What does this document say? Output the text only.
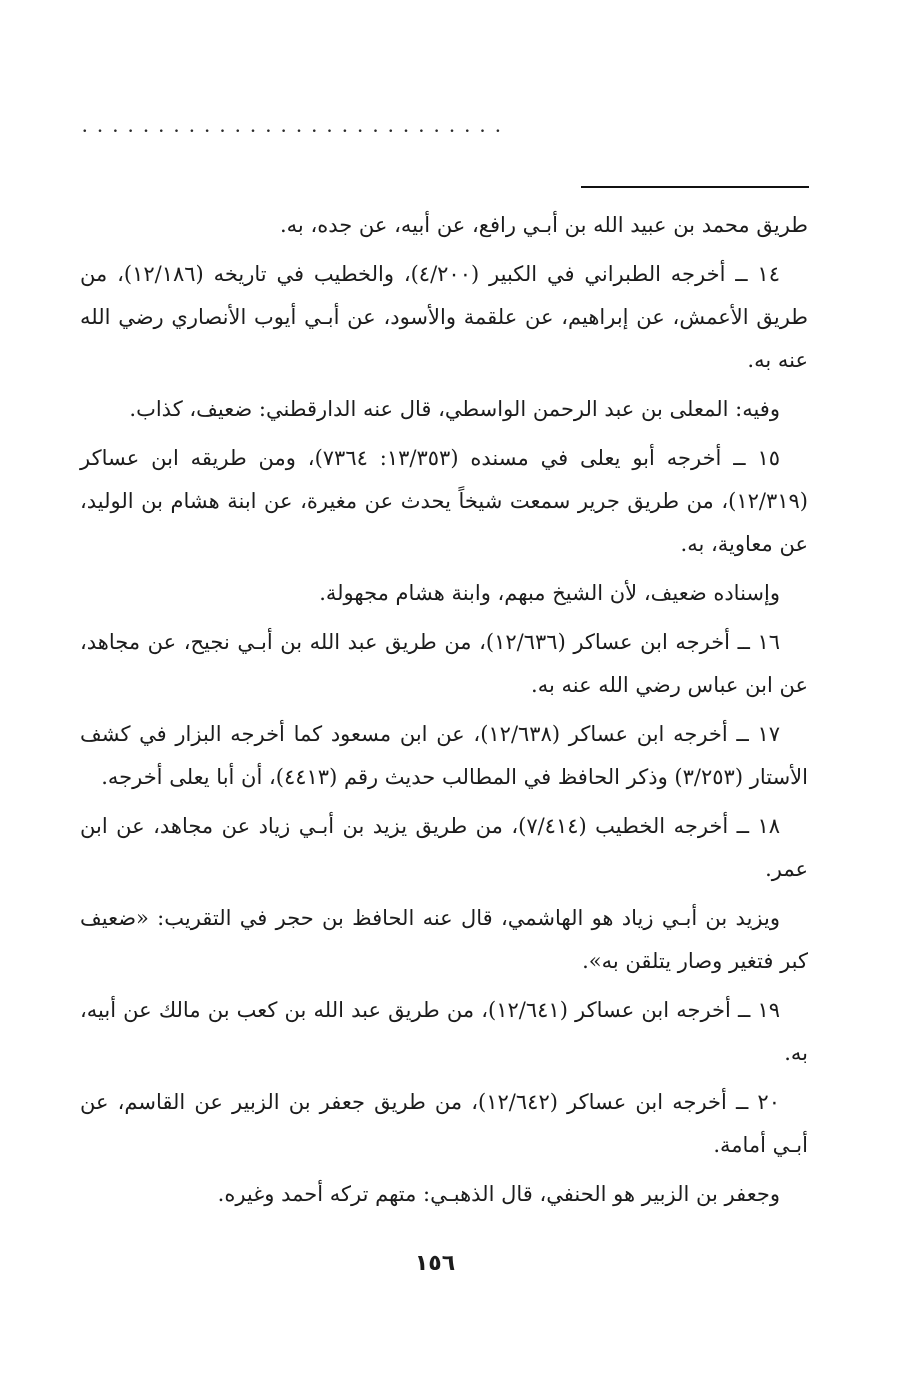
............................

طريق محمد بن عبيد الله بن أبـي رافع، عن أبيه، عن جده، به.

١٤ ــ أخرجه الطبراني في الكبير (٤/٢٠٠)، والخطيب في تاريخه (١٢/١٨٦)، من طريق الأعمش، عن إبراهيم، عن علقمة والأسود، عن أبـي أيوب الأنصاري رضي الله عنه به.

وفيه: المعلى بن عبد الرحمن الواسطي، قال عنه الدارقطني: ضعيف، كذاب.

١٥ ــ أخرجه أبو يعلى في مسنده (١٣/٣٥٣: ٧٣٦٤)، ومن طريقه ابن عساكر (١٢/٣١٩)، من طريق جرير سمعت شيخاً يحدث عن مغيرة، عن ابنة هشام بن الوليد، عن معاوية، به.

وإسناده ضعيف، لأن الشيخ مبهم، وابنة هشام مجهولة.

١٦ ــ أخرجه ابن عساكر (١٢/٦٣٦)، من طريق عبد الله بن أبـي نجيح، عن مجاهد، عن ابن عباس رضي الله عنه به.

١٧ ــ أخرجه ابن عساكر (١٢/٦٣٨)، عن ابن مسعود كما أخرجه البزار في كشف الأستار (٣/٢٥٣) وذكر الحافظ في المطالب حديث رقم (٤٤١٣)، أن أبا يعلى أخرجه.

١٨ ــ أخرجه الخطيب (٧/٤١٤)، من طريق يزيد بن أبـي زياد عن مجاهد، عن ابن عمر.

ويزيد بن أبـي زياد هو الهاشمي، قال عنه الحافظ بن حجر في التقريب: «ضعيف كبر فتغير وصار يتلقن به».

١٩ ــ أخرجه ابن عساكر (١٢/٦٤١)، من طريق عبد الله بن كعب بن مالك عن أبيه، به.

٢٠ ــ أخرجه ابن عساكر (١٢/٦٤٢)، من طريق جعفر بن الزبير عن القاسم، عن أبـي أمامة.

وجعفر بن الزبير هو الحنفي، قال الذهبـي: متهم تركه أحمد وغيره.

١٥٦
